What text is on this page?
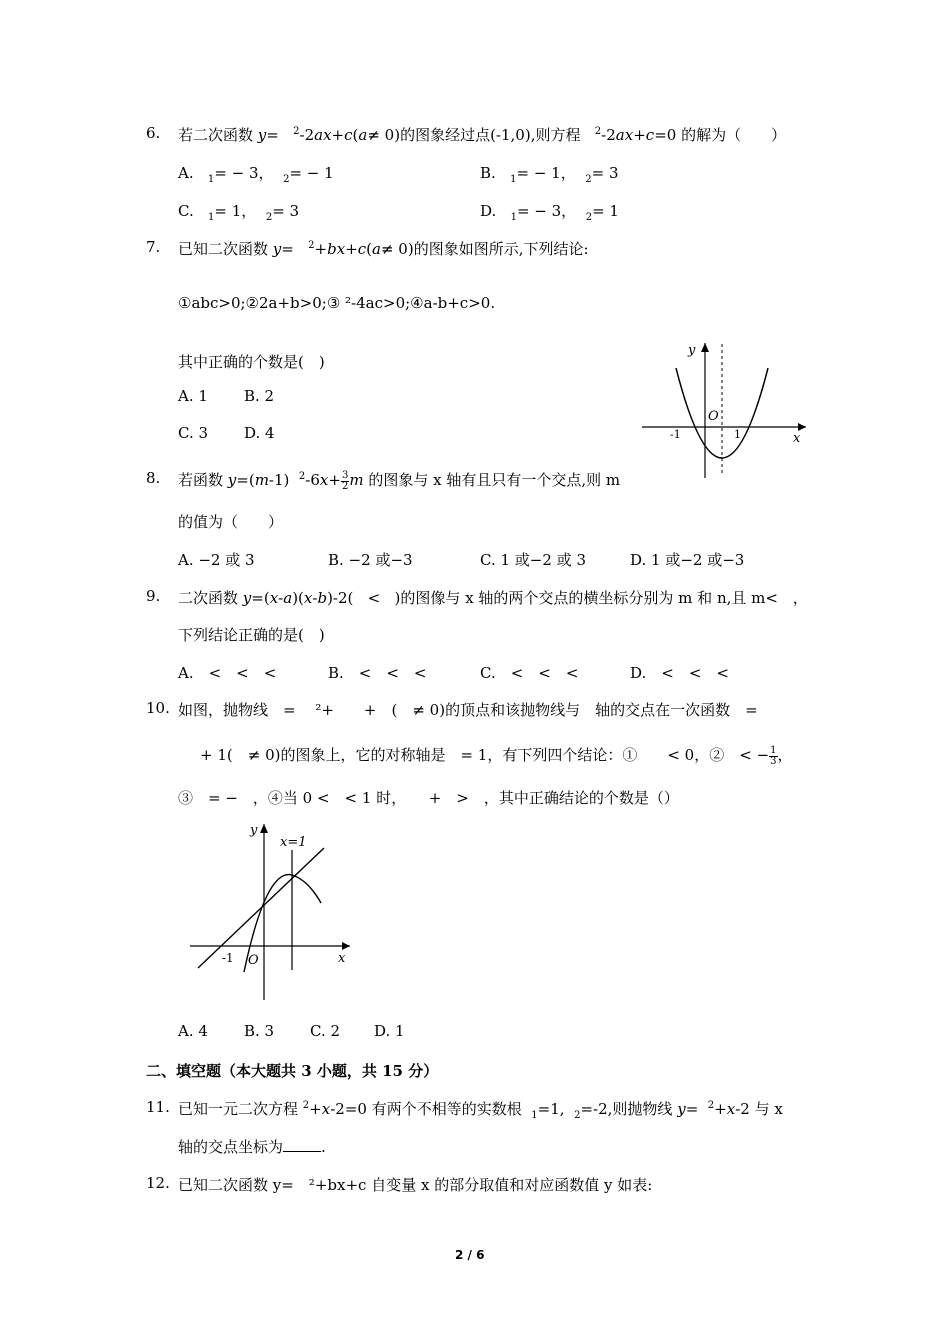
6. 若二次函数 y=   $^2$-2ax+c(a≠ 0)的图象经过点(-1,0),则方程 $^2$-2ax+c=0 的解为（　　）
A. $_1$= − 3， $_2$= − 1	B. $_1$= − 1， $_2$= 3
C. $_1$= 1， $_2$= 3	D. $_1$= − 3， $_2$= 1
7. 已知二次函数 y=   $^2$+bx+c(a≠ 0)的图象如图所示,下列结论:
①abc>0;②2a+b>0;③ ²-4ac>0;④a-b+c>0.
其中正确的个数是(　)
A. 1 B. 2
C. 3 D. 4
y
x
O
-1	1
8. 若函数 y=(m-1)  $^2-6x+ \frac{3}{2}$ m 的图象与 x 轴有且只有一个交点,则 m
的值为（　　）
A. −2 或 3	B. −2 或−3	C. 1 或−2 或 3	D. 1 或−2 或−3
9. 二次函数 y=(x-a)(x-b)-2(   <   )的图像与 x 轴的两个交点的横坐标分别为 m 和 n,且 m<　，
下列结论正确的是(　)
A.　<　<　<	B.　<　<　<	C.　<　<　<	D.　<　<　<
10. 如图，抛物线　=　 ²+　　+　(　≠ 0)的顶点和该抛物线与　轴的交点在一次函数　=
+ 1(　≠ 0)的图象上，它的对称轴是　= 1，有下列四个结论：①　　< 0，②　< − $\frac{1}{3}$ ，
③　= −　，④当 0 <　< 1 时，　　+　>　，其中正确结论的个数是（）
y
x
O
-1
x=1
A. 4 B. 3 C. 2 D. 1
二、填空题（本大题共 3 小题，共 15 分）
11. 已知一元二次方程 $^2$+x-2=0 有两个不相等的实数根 $_1$=1,  $_2$=-2,则抛物线 y=  $^2$+x-2 与 x
轴的交点坐标为	.
12. 已知二次函数 y=　²+bx+c 自变量 x 的部分取值和对应函数值 y 如表:
2 / 6
